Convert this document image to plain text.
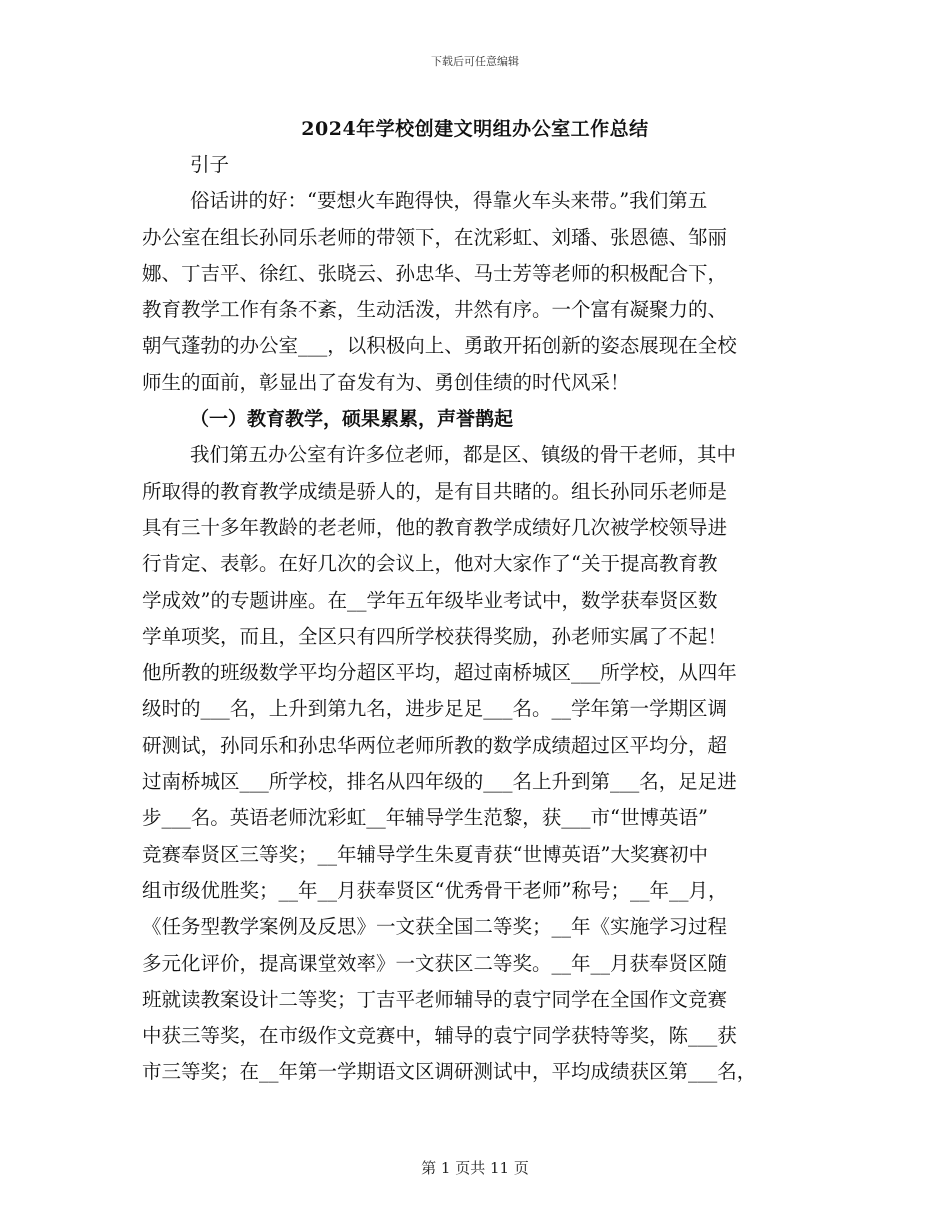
下载后可任意编辑
2024年学校创建文明组办公室工作总结
引子
俗话讲的好：“要想火车跑得快，得靠火车头来带。”我们第五
办公室在组长孙同乐老师的带领下，在沈彩虹、刘璠、张恩德、邹丽
娜、丁吉平、徐红、张晓云、孙忠华、马士芳等老师的积极配合下，
教育教学工作有条不紊，生动活泼，井然有序。一个富有凝聚力的、
朝气蓬勃的办公室___，以积极向上、勇敢开拓创新的姿态展现在全校
师生的面前，彰显出了奋发有为、勇创佳绩的时代风采！
（一）教育教学，硕果累累，声誉鹊起
我们第五办公室有许多位老师，都是区、镇级的骨干老师，其中
所取得的教育教学成绩是骄人的，是有目共睹的。组长孙同乐老师是
具有三十多年教龄的老老师，他的教育教学成绩好几次被学校领导进
行肯定、表彰。在好几次的会议上，他对大家作了“关于提高教育教
学成效”的专题讲座。在__学年五年级毕业考试中，数学获奉贤区数
学单项奖，而且，全区只有四所学校获得奖励，孙老师实属了不起！
他所教的班级数学平均分超区平均，超过南桥城区___所学校，从四年
级时的___名，上升到第九名，进步足足___名。__学年第一学期区调
研测试，孙同乐和孙忠华两位老师所教的数学成绩超过区平均分，超
过南桥城区___所学校，排名从四年级的___名上升到第___名，足足进
步___名。英语老师沈彩虹__年辅导学生范黎，获___市“世博英语”
竞赛奉贤区三等奖；__年辅导学生朱夏青获“世博英语”大奖赛初中
组市级优胜奖；__年__月获奉贤区“优秀骨干老师”称号；__年__月，
《任务型教学案例及反思》一文获全国二等奖；__年《实施学习过程
多元化评价，提高课堂效率》一文获区二等奖。__年__月获奉贤区随
班就读教案设计二等奖；丁吉平老师辅导的袁宁同学在全国作文竞赛
中获三等奖，在市级作文竞赛中，辅导的袁宁同学获特等奖，陈___获
市三等奖；在__年第一学期语文区调研测试中，平均成绩获区第___名，
第 1 页共 11 页
